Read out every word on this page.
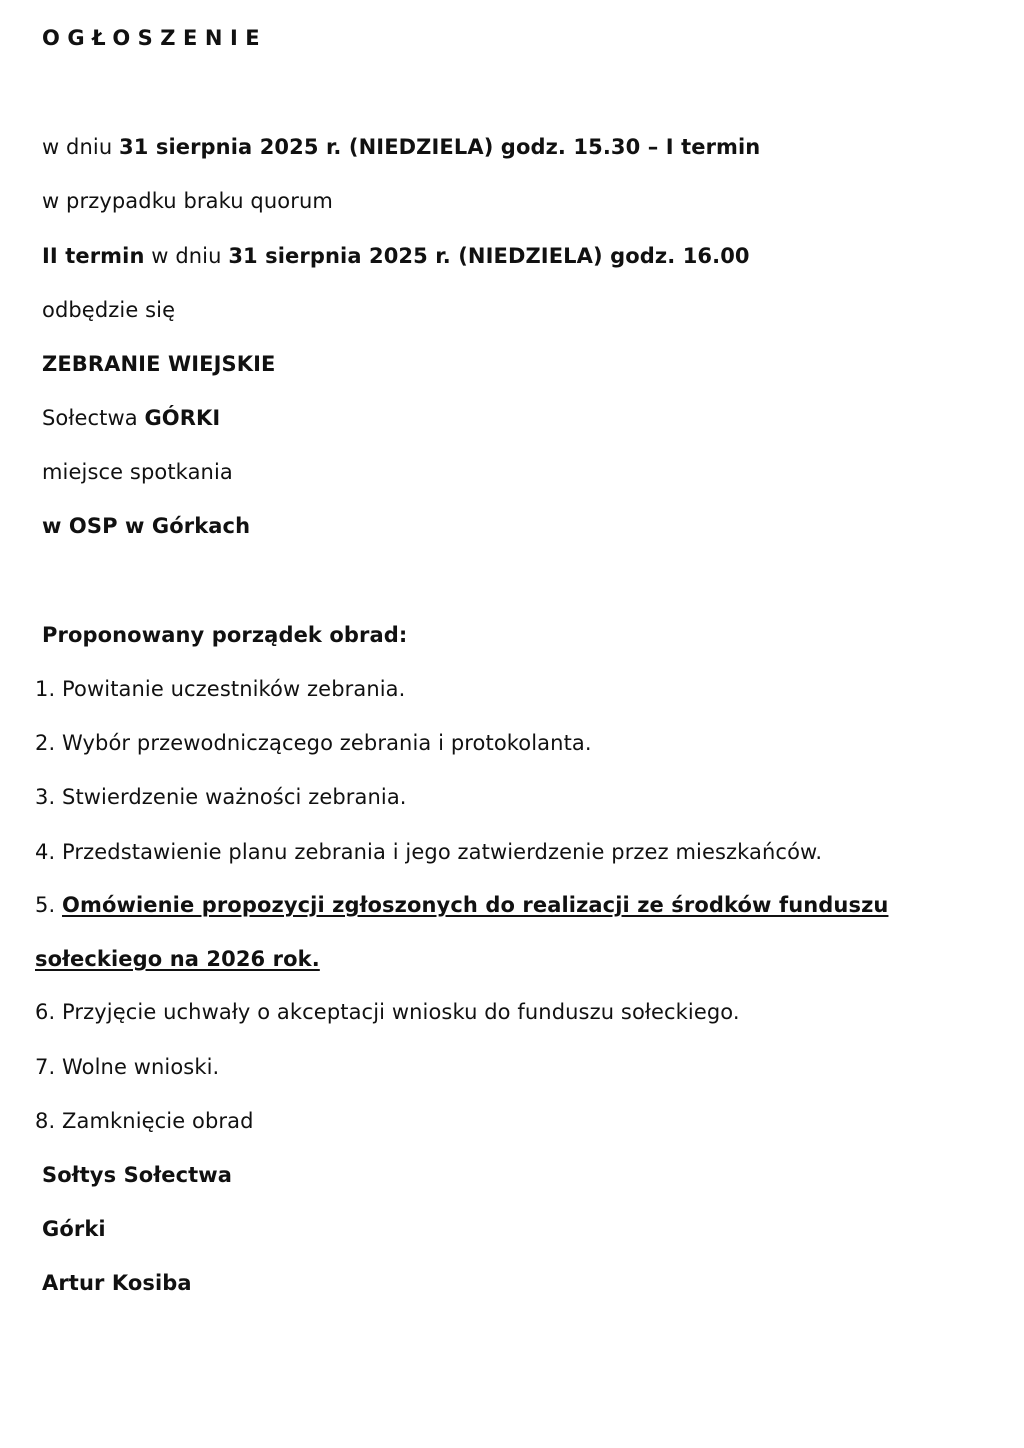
OGŁOSZENIE
w dniu 31 sierpnia 2025 r. (NIEDZIELA) godz. 15.30 – I termin
w przypadku braku quorum
II termin w dniu 31 sierpnia 2025 r. (NIEDZIELA) godz. 16.00
odbędzie się
ZEBRANIE WIEJSKIE
Sołectwa GÓRKI
miejsce spotkania
w OSP w Górkach
Proponowany porządek obrad:
1. Powitanie uczestników zebrania.
2. Wybór przewodniczącego zebrania i protokolanta.
3. Stwierdzenie ważności zebrania.
4. Przedstawienie planu zebrania i jego zatwierdzenie przez mieszkańców.
5. Omówienie propozycji zgłoszonych do realizacji ze środków funduszu
sołeckiego na 2026 rok.
6. Przyjęcie uchwały o akceptacji wniosku do funduszu sołeckiego.
7. Wolne wnioski.
8. Zamknięcie obrad
Sołtys Sołectwa
Górki
Artur Kosiba
